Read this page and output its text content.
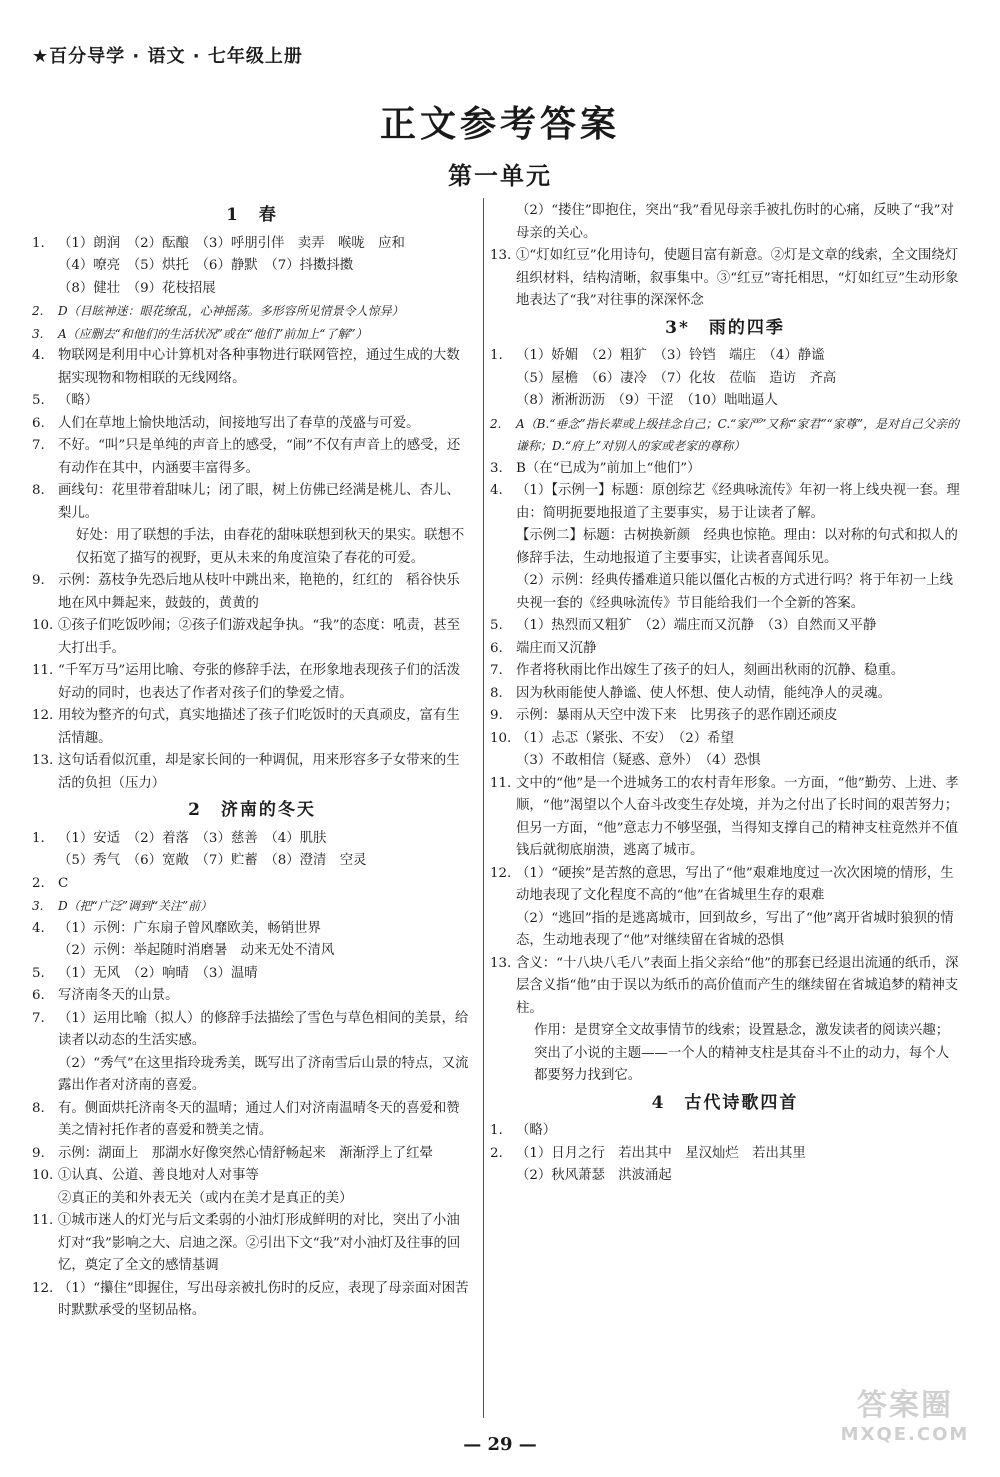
★百分导学 · 语文 · 七年级上册
正文参考答案
第一单元
1　春
1. （1）朗润　（2）酝酿　（3）呼朋引伴　卖弄　喉咙　应和
（4）嘹亮　（5）烘托　（6）静默　（7）抖擞抖擞
（8）健壮　（9）花枝招展
2.	D（目眩神迷：眼花缭乱，心神摇荡。多形容所见情景令人惊异）
3.	A（应删去“和他们的生活状况”或在“他们”前加上“了解”）
4. 物联网是利用中心计算机对各种事物进行联网管控，通过生成的大数据实现物和物相联的无线网络。
5. （略）
6. 人们在草地上愉快地活动，间接地写出了春草的茂盛与可爱。
7. 不好。“叫”只是单纯的声音上的感受，“闹”不仅有声音上的感受，还有动作在其中，内涵要丰富得多。
8. 画线句：花里带着甜味儿；闭了眼，树上仿佛已经满是桃儿、杏儿、梨儿。
好处：用了联想的手法，由春花的甜味联想到秋天的果实。联想不仅拓宽了描写的视野，更从未来的角度渲染了春花的可爱。
9. 示例：荔枝争先恐后地从枝叶中跳出来，艳艳的，红红的　稻谷快乐地在风中舞起来，鼓鼓的，黄黄的
10. ①孩子们吃饭吵闹；②孩子们游戏起争执。“我”的态度：吼责，甚至大打出手。
11. “千军万马”运用比喻、夸张的修辞手法，在形象地表现孩子们的活泼好动的同时，也表达了作者对孩子们的挚爱之情。
12. 用较为整齐的句式，真实地描述了孩子们吃饭时的天真顽皮，富有生活情趣。
13. 这句话看似沉重，却是家长间的一种调侃，用来形容多子女带来的生活的负担（压力）
2　济南的冬天
1. （1）安适　（2）着落　（3）慈善　（4）肌肤
（5）秀气　（6）宽敞　（7）贮蓄　（8）澄清　空灵
2. C
3.	D（把“广泛”调到“关注”前）
4. （1）示例：广东扇子曾风靡欧美，畅销世界
（2）示例：举起随时消磨暑　动来无处不清风
5. （1）无风　（2）响晴　（3）温晴
6. 写济南冬天的山景。
7. （1）运用比喻（拟人）的修辞手法描绘了雪色与草色相间的美景，给读者以动态的生活实感。
（2）“秀气”在这里指玲珑秀美，既写出了济南雪后山景的特点，又流露出作者对济南的喜爱。
8. 有。侧面烘托济南冬天的温晴；通过人们对济南温晴冬天的喜爱和赞美之情衬托作者的喜爱和赞美之情。
9. 示例：湖面上　那湖水好像突然心情舒畅起来　渐渐浮上了红晕
10. ①认真、公道、善良地对人对事等
②真正的美和外表无关（或内在美才是真正的美）
11. ①城市迷人的灯光与后文柔弱的小油灯形成鲜明的对比，突出了小油灯对“我”影响之大、启迪之深。②引出下文“我”对小油灯及往事的回忆，奠定了全文的感情基调
12. （1）“攥住”即握住，写出母亲被扎伤时的反应，表现了母亲面对困苦时默默承受的坚韧品格。
（2）“搂住”即抱住，突出“我”看见母亲手被扎伤时的心痛，反映了“我”对母亲的关心。
13. ①“灯如红豆”化用诗句，使题目富有新意。②灯是文章的线索，全文围绕灯组织材料，结构清晰，叙事集中。③“红豆”寄托相思，“灯如红豆”生动形象地表达了“我”对往事的深深怀念
3*　雨的四季
1. （1）娇媚　（2）粗犷　（3）铃铛　端庄　（4）静谧
（5）屋檐　（6）凄冷　（7）化妆　莅临　造访　齐高
（8）淅淅沥沥　（9）干涩　（10）咄咄逼人
2.	A（B.“垂念”指长辈或上级挂念自己；C.“家严”又称“家君”“家尊”，是对自己父亲的谦称；D.“府上”对别人的家或老家的尊称）
3. B（在“已成为”前加上“他们”）
4. （1）【示例一】标题：原创综艺《经典咏流传》年初一将上线央视一套。理由：简明扼要地报道了主要事实，易于让读者了解。
【示例二】标题：古树换新颜　经典也惊艳。理由：以对称的句式和拟人的修辞手法，生动地报道了主要事实，让读者喜闻乐见。
（2）示例：经典传播难道只能以僵化古板的方式进行吗？将于年初一上线央视一套的《经典咏流传》节目能给我们一个全新的答案。
5. （1）热烈而又粗犷　（2）端庄而又沉静　（3）自然而又平静
6. 端庄而又沉静
7. 作者将秋雨比作出嫁生了孩子的妇人，刻画出秋雨的沉静、稳重。
8. 因为秋雨能使人静谧、使人怀想、使人动情，能纯净人的灵魂。
9. 示例：暴雨从天空中泼下来　比男孩子的恶作剧还顽皮
10. （1）忐忑（紧张、不安）　（2）希望
（3）不敢相信（疑惑、意外）　（4）恐惧
11. 文中的“他”是一个进城务工的农村青年形象。一方面，“他”勤劳、上进、孝顺，“他”渴望以个人奋斗改变生存处境，并为之付出了长时间的艰苦努力；但另一方面，“他”意志力不够坚强，当得知支撑自己的精神支柱竟然并不值钱后就彻底崩溃，逃离了城市。
12. （1）“硬挨”是苦熬的意思，写出了“他”艰难地度过一次次困境的情形，生动地表现了文化程度不高的“他”在省城里生存的艰难
（2）“逃回”指的是逃离城市，回到故乡，写出了“他”离开省城时狼狈的情态，生动地表现了“他”对继续留在省城的恐惧
13. 含义：“十八块八毛八”表面上指父亲给“他”的那套已经退出流通的纸币，深层含义指“他”由于误以为纸币的高价值而产生的继续留在省城追梦的精神支柱。
作用：是贯穿全文故事情节的线索；设置悬念，激发读者的阅读兴趣；突出了小说的主题——一个人的精神支柱是其奋斗不止的动力，每个人都要努力找到它。
4　古代诗歌四首
1. （略）
2. （1）日月之行　若出其中　星汉灿烂　若出其里
（2）秋风萧瑟　洪波涌起
— 29 —
答案圈
MXQE.COM
